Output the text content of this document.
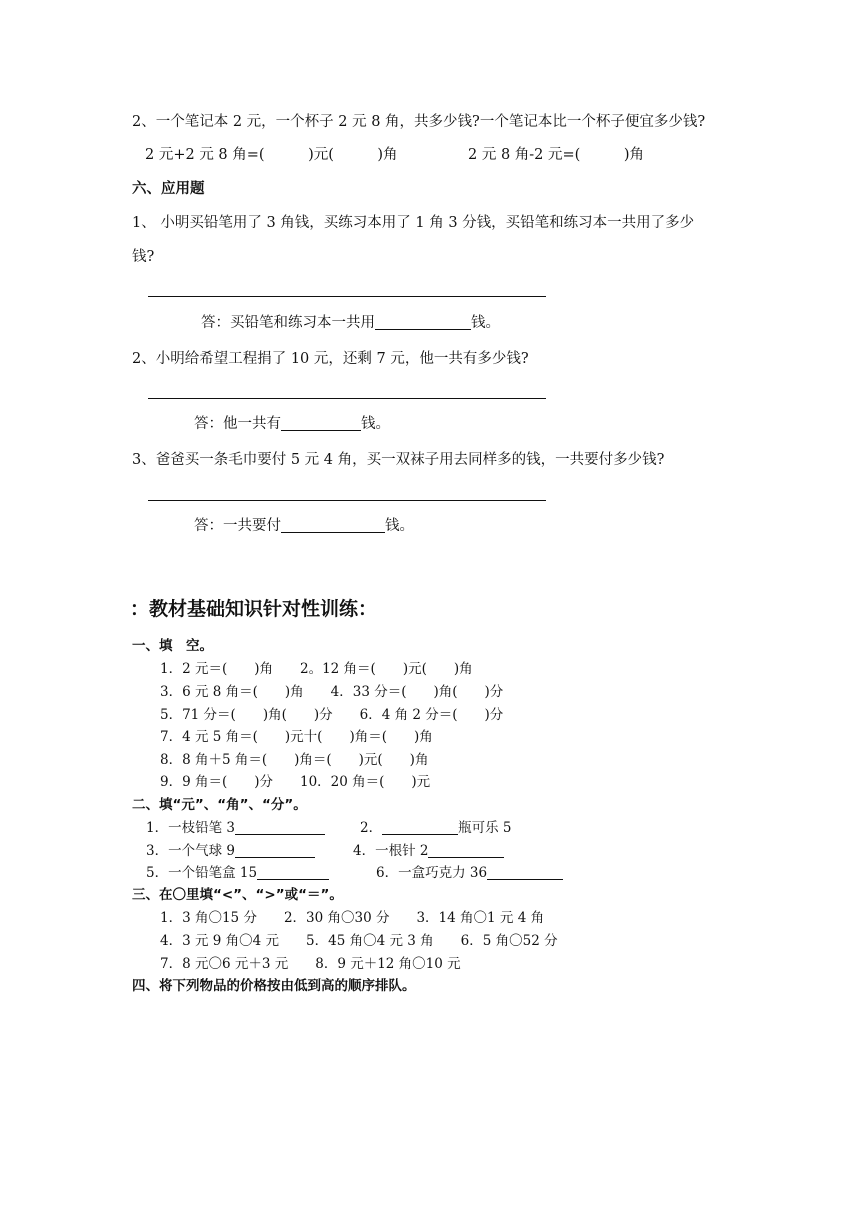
2、一个笔记本 2 元，一个杯子 2 元 8 角，共多少钱?一个笔记本比一个杯子便宜多少钱?
2 元+2 元 8 角=(　　　)元(　　　)角	2 元 8 角-2 元=(　　　)角
六、应用题
1、 小明买铅笔用了 3 角钱，买练习本用了 1 角 3 分钱，买铅笔和练习本一共用了多少
钱?
答：买铅笔和练习本一共用	钱。
2、小明给希望工程捐了 10 元，还剩 7 元，他一共有多少钱?
答：他一共有	钱。
3、爸爸买一条毛巾要付 5 元 4 角，买一双袜子用去同样多的钱，一共要付多少钱?
答：一共要付	钱。
：教材基础知识针对性训练：
一、填　空。
1．2 元＝(　　)角　　2。12 角＝(　　)元(　　)角
3．6 元 8 角＝(　　)角　　4．33 分＝(　　)角(　　)分
5．71 分＝(　　)角(　　)分　　6．4 角 2 分＝(　　)分
7．4 元 5 角＝(　　)元十(　　)角＝(　　)角
8．8 角＋5 角＝(　　)角＝(　　)元(　　)角
9．9 角＝(　　)分　　10．20 角＝(　　)元
二、填“元”、“角”、“分”。
1．一枝铅笔 3	2．	瓶可乐 5
3．一个气球 9	4．一根针 2
5．一个铅笔盒 15	6．一盒巧克力 36
三、在〇里填“<”、“>”或“＝”。
1．3 角〇15 分　　2．30 角〇30 分　　3．14 角〇1 元 4 角
4．3 元 9 角〇4 元　　5．45 角〇4 元 3 角　　6．5 角〇52 分
7．8 元〇6 元＋3 元　　8．9 元＋12 角〇10 元
四、将下列物品的价格按由低到高的顺序排队。
